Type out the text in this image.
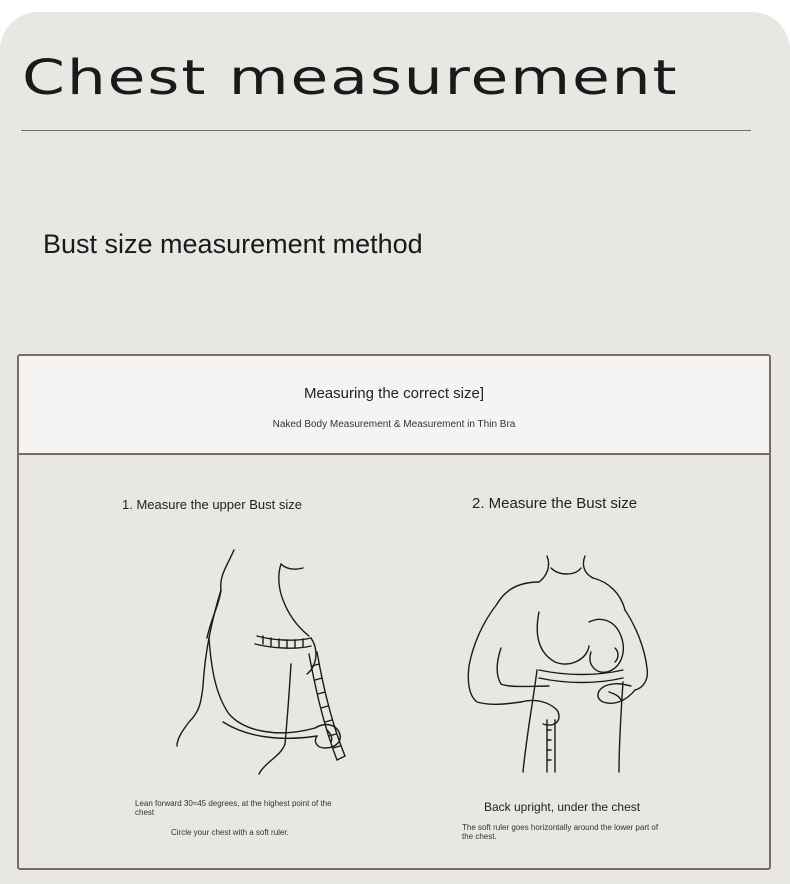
Chest measurement
Bust size measurement method
Measuring the correct size]
Naked Body Measurement & Measurement in Thin Bra
1. Measure the upper Bust size	2. Measure the Bust size
Lean forward 30≈45 degrees, at the highest point of the chest
Circle your chest with a soft ruler.
Back upright, under the chest
The soft ruler goes horizontally around the lower part of the chest.
